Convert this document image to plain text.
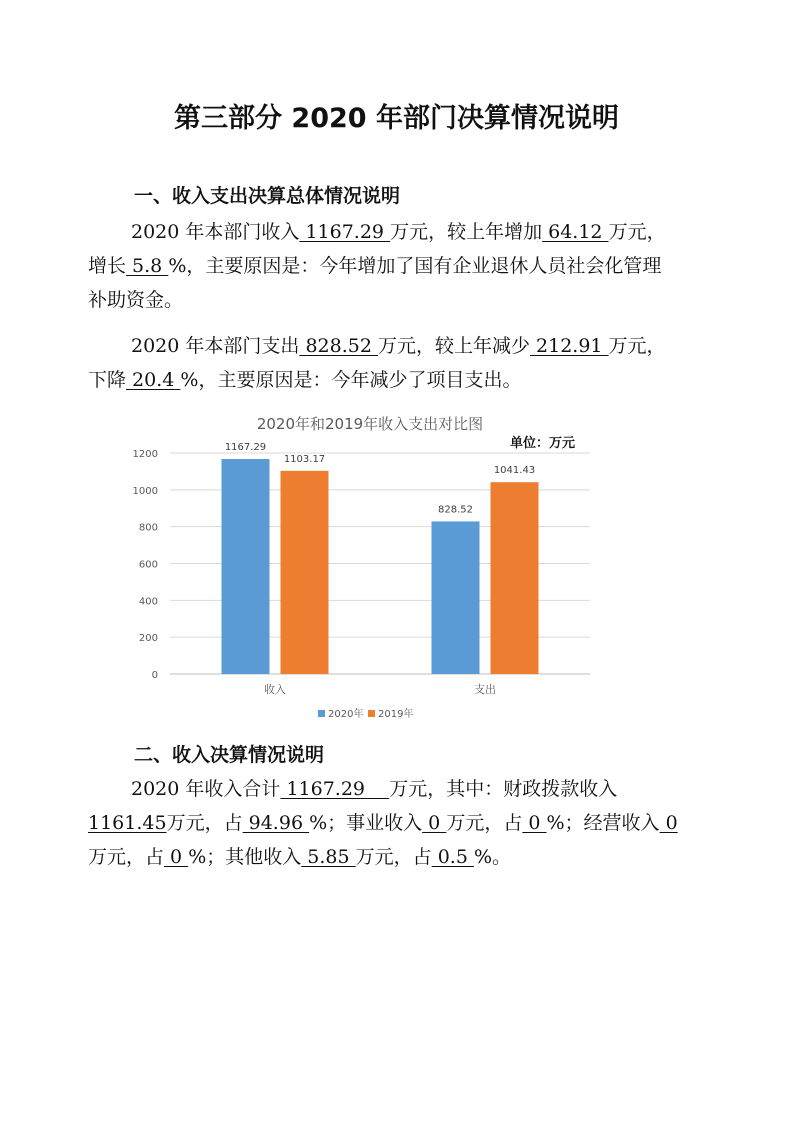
第三部分 2020 年部门决算情况说明
一、收入支出决算总体情况说明
2020 年本部门收入 1167.29 万元，较上年增加 64.12 万元，
增长 5.8 %，主要原因是：今年增加了国有企业退休人员社会化管理
补助资金。
2020 年本部门支出 828.52 万元，较上年减少 212.91 万元，
下降 20.4 %，主要原因是：今年减少了项目支出。
2020年和2019年收入支出对比图
单位：万元
0
200
400
600
800
1000
1200
1167.29
1103.17
828.52
1041.43
收入	支出
2020年 2019年
二、收入决算情况说明
2020 年收入合计 1167.29    万元，其中：财政拨款收入
1161.45万元，占 94.96 %；事业收入 0 万元，占 0 %；经营收入 0
万元，占 0 %；其他收入 5.85 万元，占 0.5 %。
